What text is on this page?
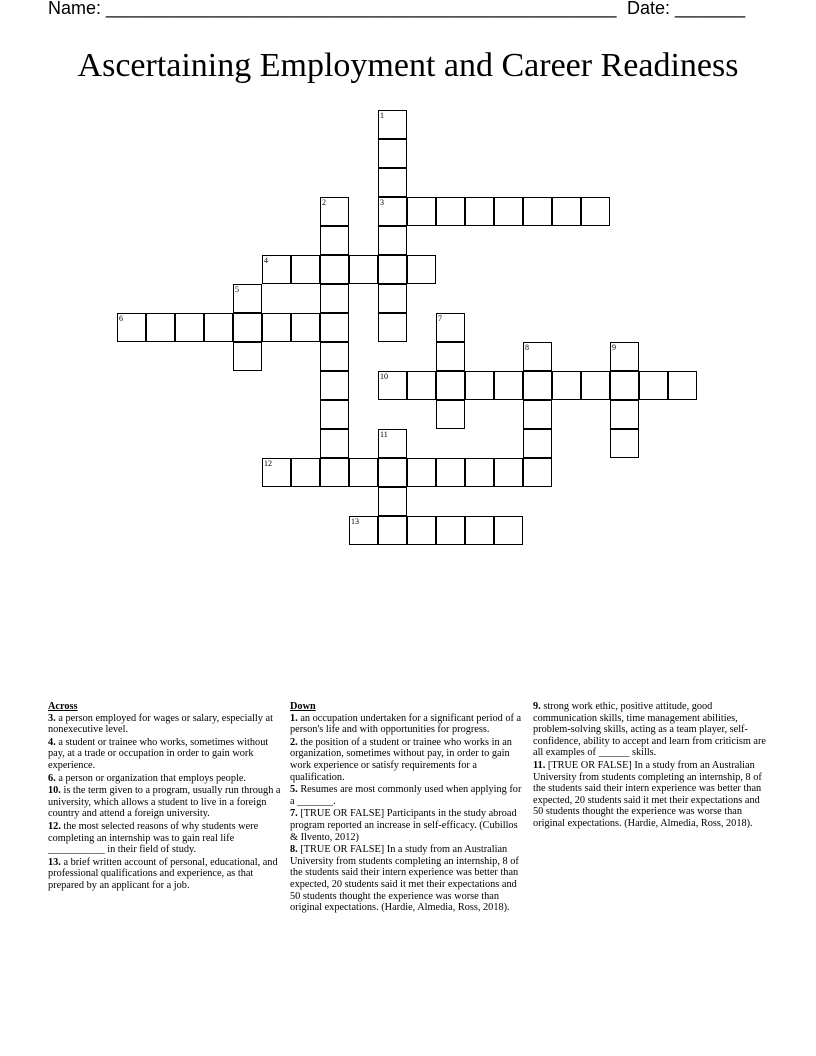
Name: ___________________________________________________ Date: _______
Ascertaining Employment and Career Readiness
1
3
2
4
5
6	7
8	9
10
11
12
13
Across
3. a person employed for wages or salary, especially at nonexecutive level.
4. a student or trainee who works, sometimes without pay, at a trade or occupation in order to gain work experience.
6. a person or organization that employs people.
10. is the term given to a program, usually run through a university, which allows a student to live in a foreign country and attend a foreign university.
12. the most selected reasons of why students were completing an internship was to gain real life ___________ in their field of study.
13. a brief written account of personal, educational, and professional qualifications and experience, as that prepared by an applicant for a job.
Down
1. an occupation undertaken for a significant period of a person's life and with opportunities for progress.
2. the position of a student or trainee who works in an organization, sometimes without pay, in order to gain work experience or satisfy requirements for a qualification.
5. Resumes are most commonly used when applying for a _______.
7. [TRUE OR FALSE] Participants in the study abroad program reported an increase in self-efficacy. (Cubillos & Ilvento, 2012)
8. [TRUE OR FALSE] In a study from an Australian University from students completing an internship, 8 of the students said their intern experience was better than expected, 20 students said it met their expectations and 50 students thought the experience was worse than original expectations. (Hardie, Almedia, Ross, 2018).
9. strong work ethic, positive attitude, good communication skills, time management abilities, problem-solving skills, acting as a team player, self-confidence, ability to accept and learn from criticism are all examples of ______ skills.
11. [TRUE OR FALSE] In a study from an Australian University from students completing an internship, 8 of the students said their intern experience was better than expected, 20 students said it met their expectations and 50 students thought the experience was worse than original expectations. (Hardie, Almedia, Ross, 2018).
